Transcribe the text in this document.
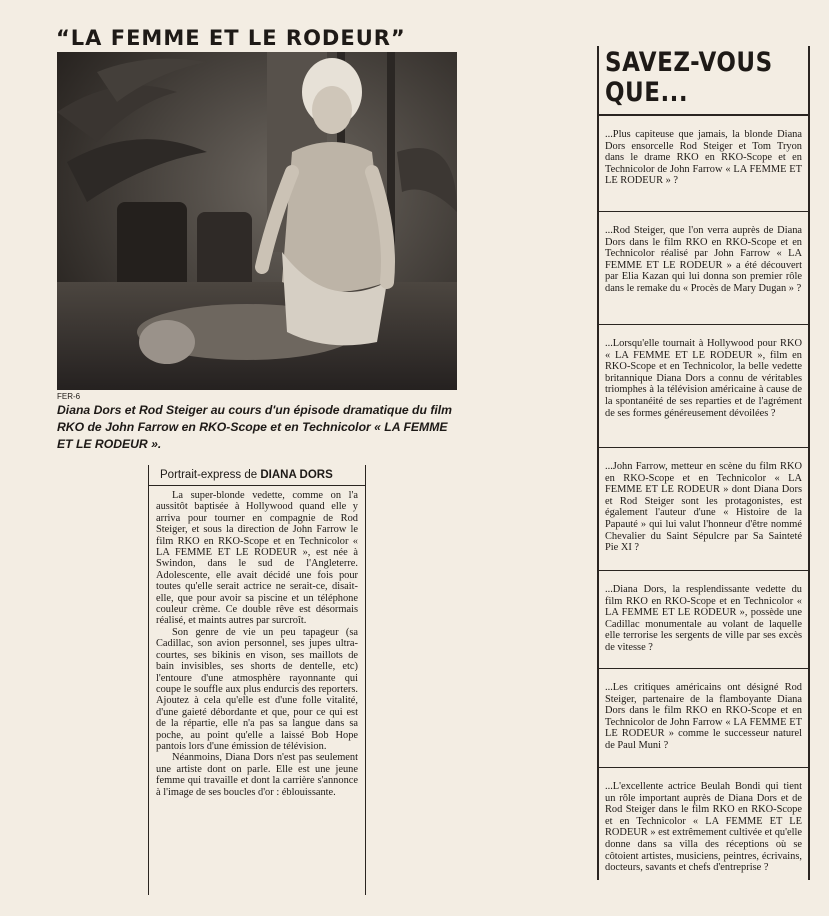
“LA FEMME ET LE RODEUR”
FER-6

Diana Dors et Rod Steiger au cours d'un épisode dramatique du film RKO de John Farrow en RKO-Scope et en Technicolor « LA FEMME ET LE RODEUR ».

Portrait-express de DIANA DORS

La super-blonde vedette, comme on l'a aussitôt baptisée à Hollywood quand elle y arriva pour tourner en compagnie de Rod Steiger, et sous la direction de John Farrow le film RKO en RKO-Scope et en Technicolor « LA FEMME ET LE RODEUR », est née à Swindon, dans le sud de l'Angleterre. Adolescente, elle avait décidé une fois pour toutes qu'elle serait actrice ne serait-ce, disait-elle, que pour avoir sa piscine et un téléphone couleur crème. Ce double rêve est désormais réalisé, et maints autres par surcroît.

Son genre de vie un peu tapageur (sa Cadillac, son avion personnel, ses jupes ultra-courtes, ses bikinis en vison, ses maillots de bain invisibles, ses shorts de dentelle, etc) l'entoure d'une atmosphère rayonnante qui coupe le souffle aux plus endurcis des reporters. Ajoutez à cela qu'elle est d'une folle vitalité, d'une gaieté débordante et que, pour ce qui est de la répartie, elle n'a pas sa langue dans sa poche, au point qu'elle a laissé Bob Hope pantois lors d'une émission de télévision.

Néanmoins, Diana Dors n'est pas seulement une artiste dont on parle. Elle est une jeune femme qui travaille et dont la carrière s'annonce à l'image de ses boucles d'or : éblouissante.

SAVEZ-VOUS QUE...

...Plus capiteuse que jamais, la blonde Diana Dors ensorcelle Rod Steiger et Tom Tryon dans le drame RKO en RKO-Scope et en Technicolor de John Farrow « LA FEMME ET LE RODEUR » ?

...Rod Steiger, que l'on verra auprès de Diana Dors dans le film RKO en RKO-Scope et en Technicolor réalisé par John Farrow « LA FEMME ET LE RODEUR » a été découvert par Elia Kazan qui lui donna son premier rôle dans le remake du « Procès de Mary Dugan » ?

...Lorsqu'elle tournait à Hollywood pour RKO « LA FEMME ET LE RODEUR », film en RKO-Scope et en Technicolor, la belle vedette britannique Diana Dors a connu de véritables triomphes à la télévision américaine à cause de la spontanéité de ses reparties et de l'agrément de ses formes généreusement dévoilées ?

...John Farrow, metteur en scène du film RKO en RKO-Scope et en Technicolor « LA FEMME ET LE RODEUR » dont Diana Dors et Rod Steiger sont les protagonistes, est également l'auteur d'une « Histoire de la Papauté » qui lui valut l'honneur d'être nommé Chevalier du Saint Sépulcre par Sa Sainteté Pie XI ?

...Diana Dors, la resplendissante vedette du film RKO en RKO-Scope et en Technicolor « LA FEMME ET LE RODEUR », possède une Cadillac monumentale au volant de laquelle elle terrorise les sergents de ville par ses excès de vitesse ?

...Les critiques américains ont désigné Rod Steiger, partenaire de la flamboyante Diana Dors dans le film RKO en RKO-Scope et en Technicolor de John Farrow « LA FEMME ET LE RODEUR » comme le successeur naturel de Paul Muni ?

...L'excellente actrice Beulah Bondi qui tient un rôle important auprès de Diana Dors et de Rod Steiger dans le film RKO en RKO-Scope et en Technicolor « LA FEMME ET LE RODEUR » est extrêmement cultivée et qu'elle donne dans sa villa des réceptions où se côtoient artistes, musiciens, peintres, écrivains, docteurs, savants et chefs d'entreprise ?
